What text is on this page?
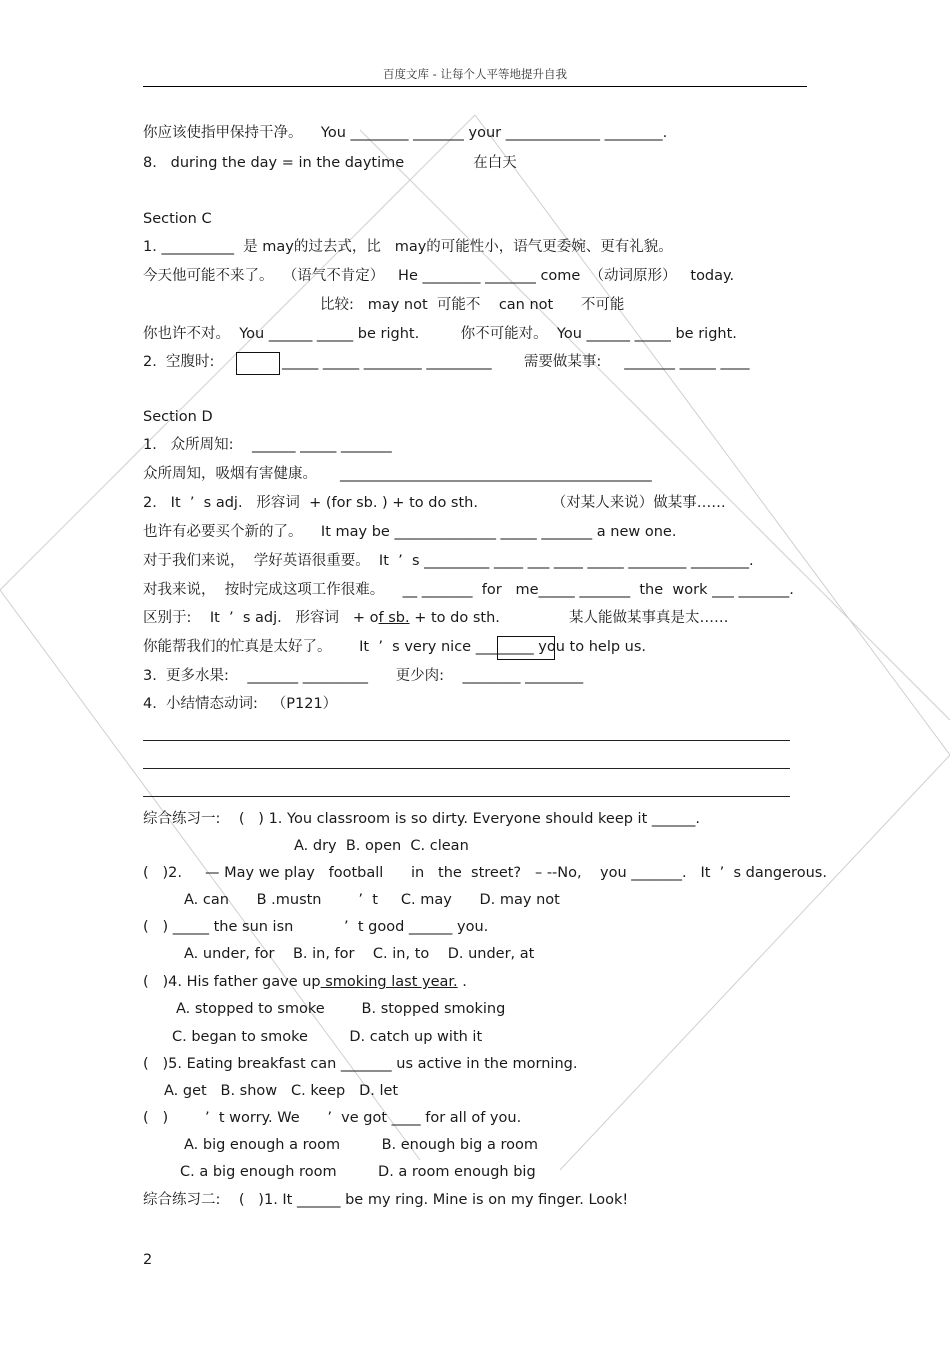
百度文库 - 让每个人平等地提升自我
你应该使指甲保持干净。    You ________ _______ your _____________ ________.
8.   during the day = in the daytime               在白天
Section C
1. __________  是 may的过去式，比   may的可能性小，语气更委婉、更有礼貌。
今天他可能不来了。  （语气不肯定）   He ________ _______ come  （动词原形）   today.
比较:   may not  可能不    can not      不可能
你也许不对。  You ______ _____ be right.         你不可能对。  You ______ _____ be right.
2.  空腹时:	_____ _____ ________ _________       需要做某事:     _______ _____ ____
Section D
1.   众所周知:    ______ _____ _______
众所周知，吸烟有害健康。     ___________________________________________
2.   It  ’  s adj.   形容词  + (for sb. ) + to do sth.                （对某人来说）做某事……
也许有必要买个新的了。    It may be ______________ _____ _______ a new one.
对于我们来说，  学好英语很重要。  It  ’  s _________ ____ ___ ____ _____ ________ ________.
对我来说，  按时完成这项工作很难。    __ _______  for   me_____ _______  the  work ___ _______.
区别于:    It  ’  s adj.   形容词   + of sb. + to do sth.               某人能做某事真是太……
你能帮我们的忙真是太好了。      It  ’  s very nice ________ you to help us.
3.  更多水果:    _______ _________      更少肉:    ________ ________
4.  小结情态动词:   （P121）
综合练习一:    (   ) 1. You classroom is so dirty. Everyone should keep it ______.
A. dry  B. open  C. clean
(   )2.     — May we play   football      in   the  street?   – --No,    you _______.   It  ’  s dangerous.
A. can      B .mustn        ’  t     C. may      D. may not
(   ) _____ the sun isn           ’  t good ______ you.
A. under, for    B. in, for    C. in, to    D. under, at
(   )4. His father gave up smoking last year. .
A. stopped to smoke        B. stopped smoking
C. began to smoke         D. catch up with it
(   )5. Eating breakfast can _______ us active in the morning.
A. get   B. show   C. keep   D. let
(   )        ’  t worry. We      ’  ve got ____ for all of you.
A. big enough a room         B. enough big a room
C. a big enough room         D. a room enough big
综合练习二:    (   )1. It ______ be my ring. Mine is on my finger. Look!
2
